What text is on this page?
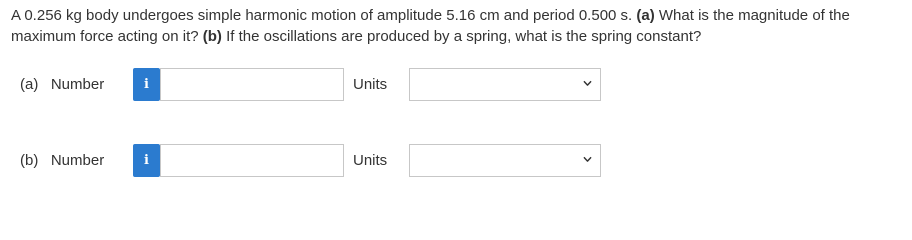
A 0.256 kg body undergoes simple harmonic motion of amplitude 5.16 cm and period 0.500 s. (a) What is the magnitude of the maximum force acting on it? (b) If the oscillations are produced by a spring, what is the spring constant?
(a)   Number	i	Units
(b)   Number	i	Units
